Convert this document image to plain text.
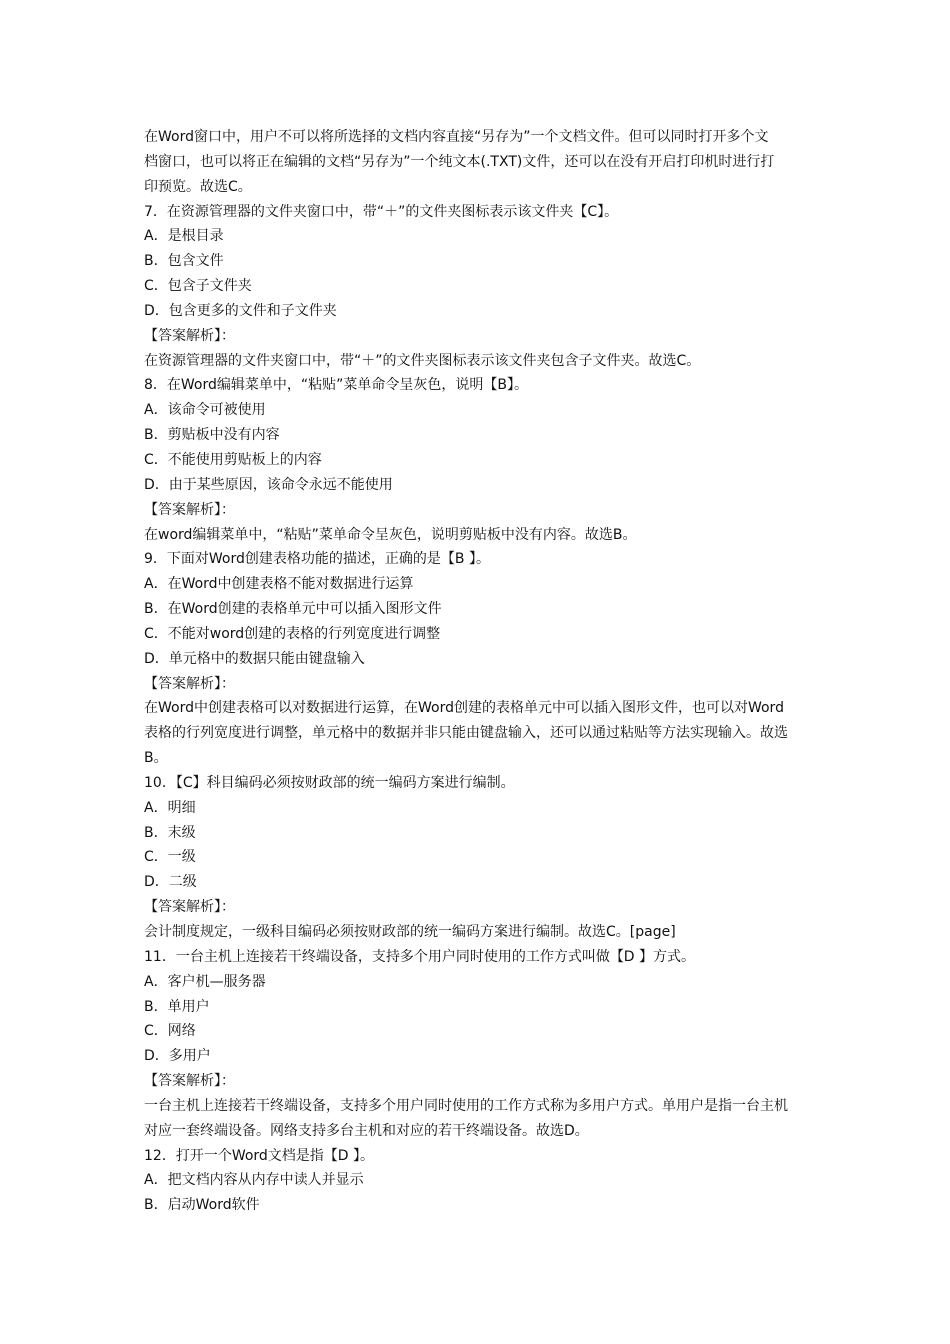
在Word窗口中，用户不可以将所选择的文档内容直接“另存为”一个文档文件。但可以同时打开多个文
档窗口，也可以将正在编辑的文档“另存为”一个纯文本(.TXT)文件，还可以在没有开启打印机时进行打
印预览。故选C。
7．在资源管理器的文件夹窗口中，带“＋”的文件夹图标表示该文件夹【C】。
A．是根目录
B．包含文件
C．包含子文件夹
D．包含更多的文件和子文件夹
【答案解析】：
在资源管理器的文件夹窗口中，带“＋”的文件夹图标表示该文件夹包含子文件夹。故选C。
8．在Word编辑菜单中，“粘贴”菜单命令呈灰色，说明【B】。
A．该命令可被使用
B．剪贴板中没有内容
C．不能使用剪贴板上的内容
D．由于某些原因，该命令永远不能使用
【答案解析】：
在word编辑菜单中，“粘贴”菜单命令呈灰色，说明剪贴板中没有内容。故选B。
9．下面对Word创建表格功能的描述，正确的是【B 】。
A．在Word中创建表格不能对数据进行运算
B．在Word创建的表格单元中可以插入图形文件
C．不能对word创建的表格的行列宽度进行调整
D．单元格中的数据只能由键盘输入
【答案解析】：
在Word中创建表格可以对数据进行运算，在Word创建的表格单元中可以插入图形文件，也可以对Word
表格的行列宽度进行调整，单元格中的数据并非只能由键盘输入，还可以通过粘贴等方法实现输入。故选
B。
10．【C】科目编码必须按财政部的统一编码方案进行编制。
A．明细
B．末级
C．一级
D．二级
【答案解析】：
会计制度规定，一级科目编码必须按财政部的统一编码方案进行编制。故选C。[page]
11．一台主机上连接若干终端设备，支持多个用户同时使用的工作方式叫做【D 】方式。
A．客户机—服务器
B．单用户
C．网络
D．多用户
【答案解析】：
一台主机上连接若干终端设备，支持多个用户同时使用的工作方式称为多用户方式。单用户是指一台主机
对应一套终端设备。网络支持多台主机和对应的若干终端设备。故选D。
12．打开一个Word文档是指【D 】。
A．把文档内容从内存中读人并显示
B．启动Word软件
